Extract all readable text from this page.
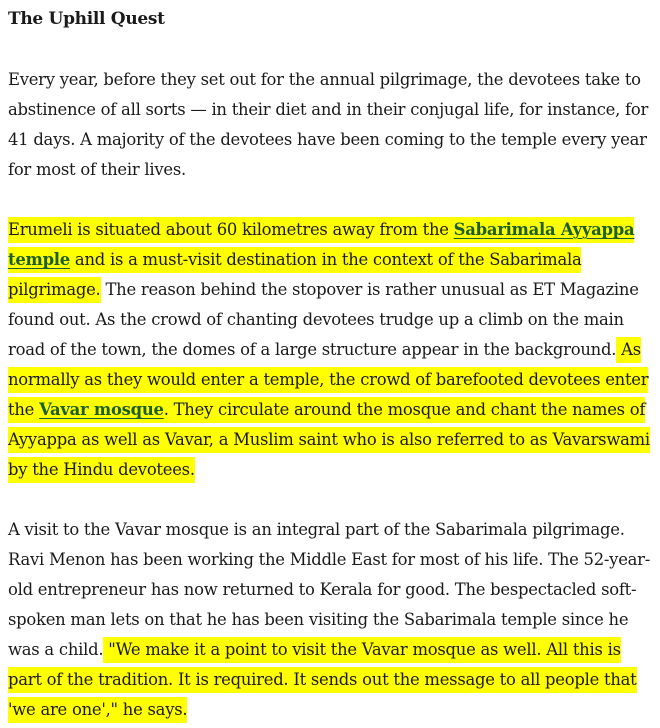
The Uphill Quest

Every year, before they set out for the annual pilgrimage, the devotees take to abstinence of all sorts — in their diet and in their conjugal life, for instance, for 41 days. A majority of the devotees have been coming to the temple every year for most of their lives.

Erumeli is situated about 60 kilometres away from the Sabarimala Ayyappa temple and is a must-visit destination in the context of the Sabarimala pilgrimage. The reason behind the stopover is rather unusual as ET Magazine found out. As the crowd of chanting devotees trudge up a climb on the main road of the town, the domes of a large structure appear in the background. As normally as they would enter a temple, the crowd of barefooted devotees enter the Vavar mosque. They circulate around the mosque and chant the names of Ayyappa as well as Vavar, a Muslim saint who is also referred to as Vavarswami by the Hindu devotees.

A visit to the Vavar mosque is an integral part of the Sabarimala pilgrimage. Ravi Menon has been working the Middle East for most of his life. The 52-year-old entrepreneur has now returned to Kerala for good. The bespectacled soft-spoken man lets on that he has been visiting the Sabarimala temple since he was a child. "We make it a point to visit the Vavar mosque as well. All this is part of the tradition. It is required. It sends out the message to all people that 'we are one'," he says.
